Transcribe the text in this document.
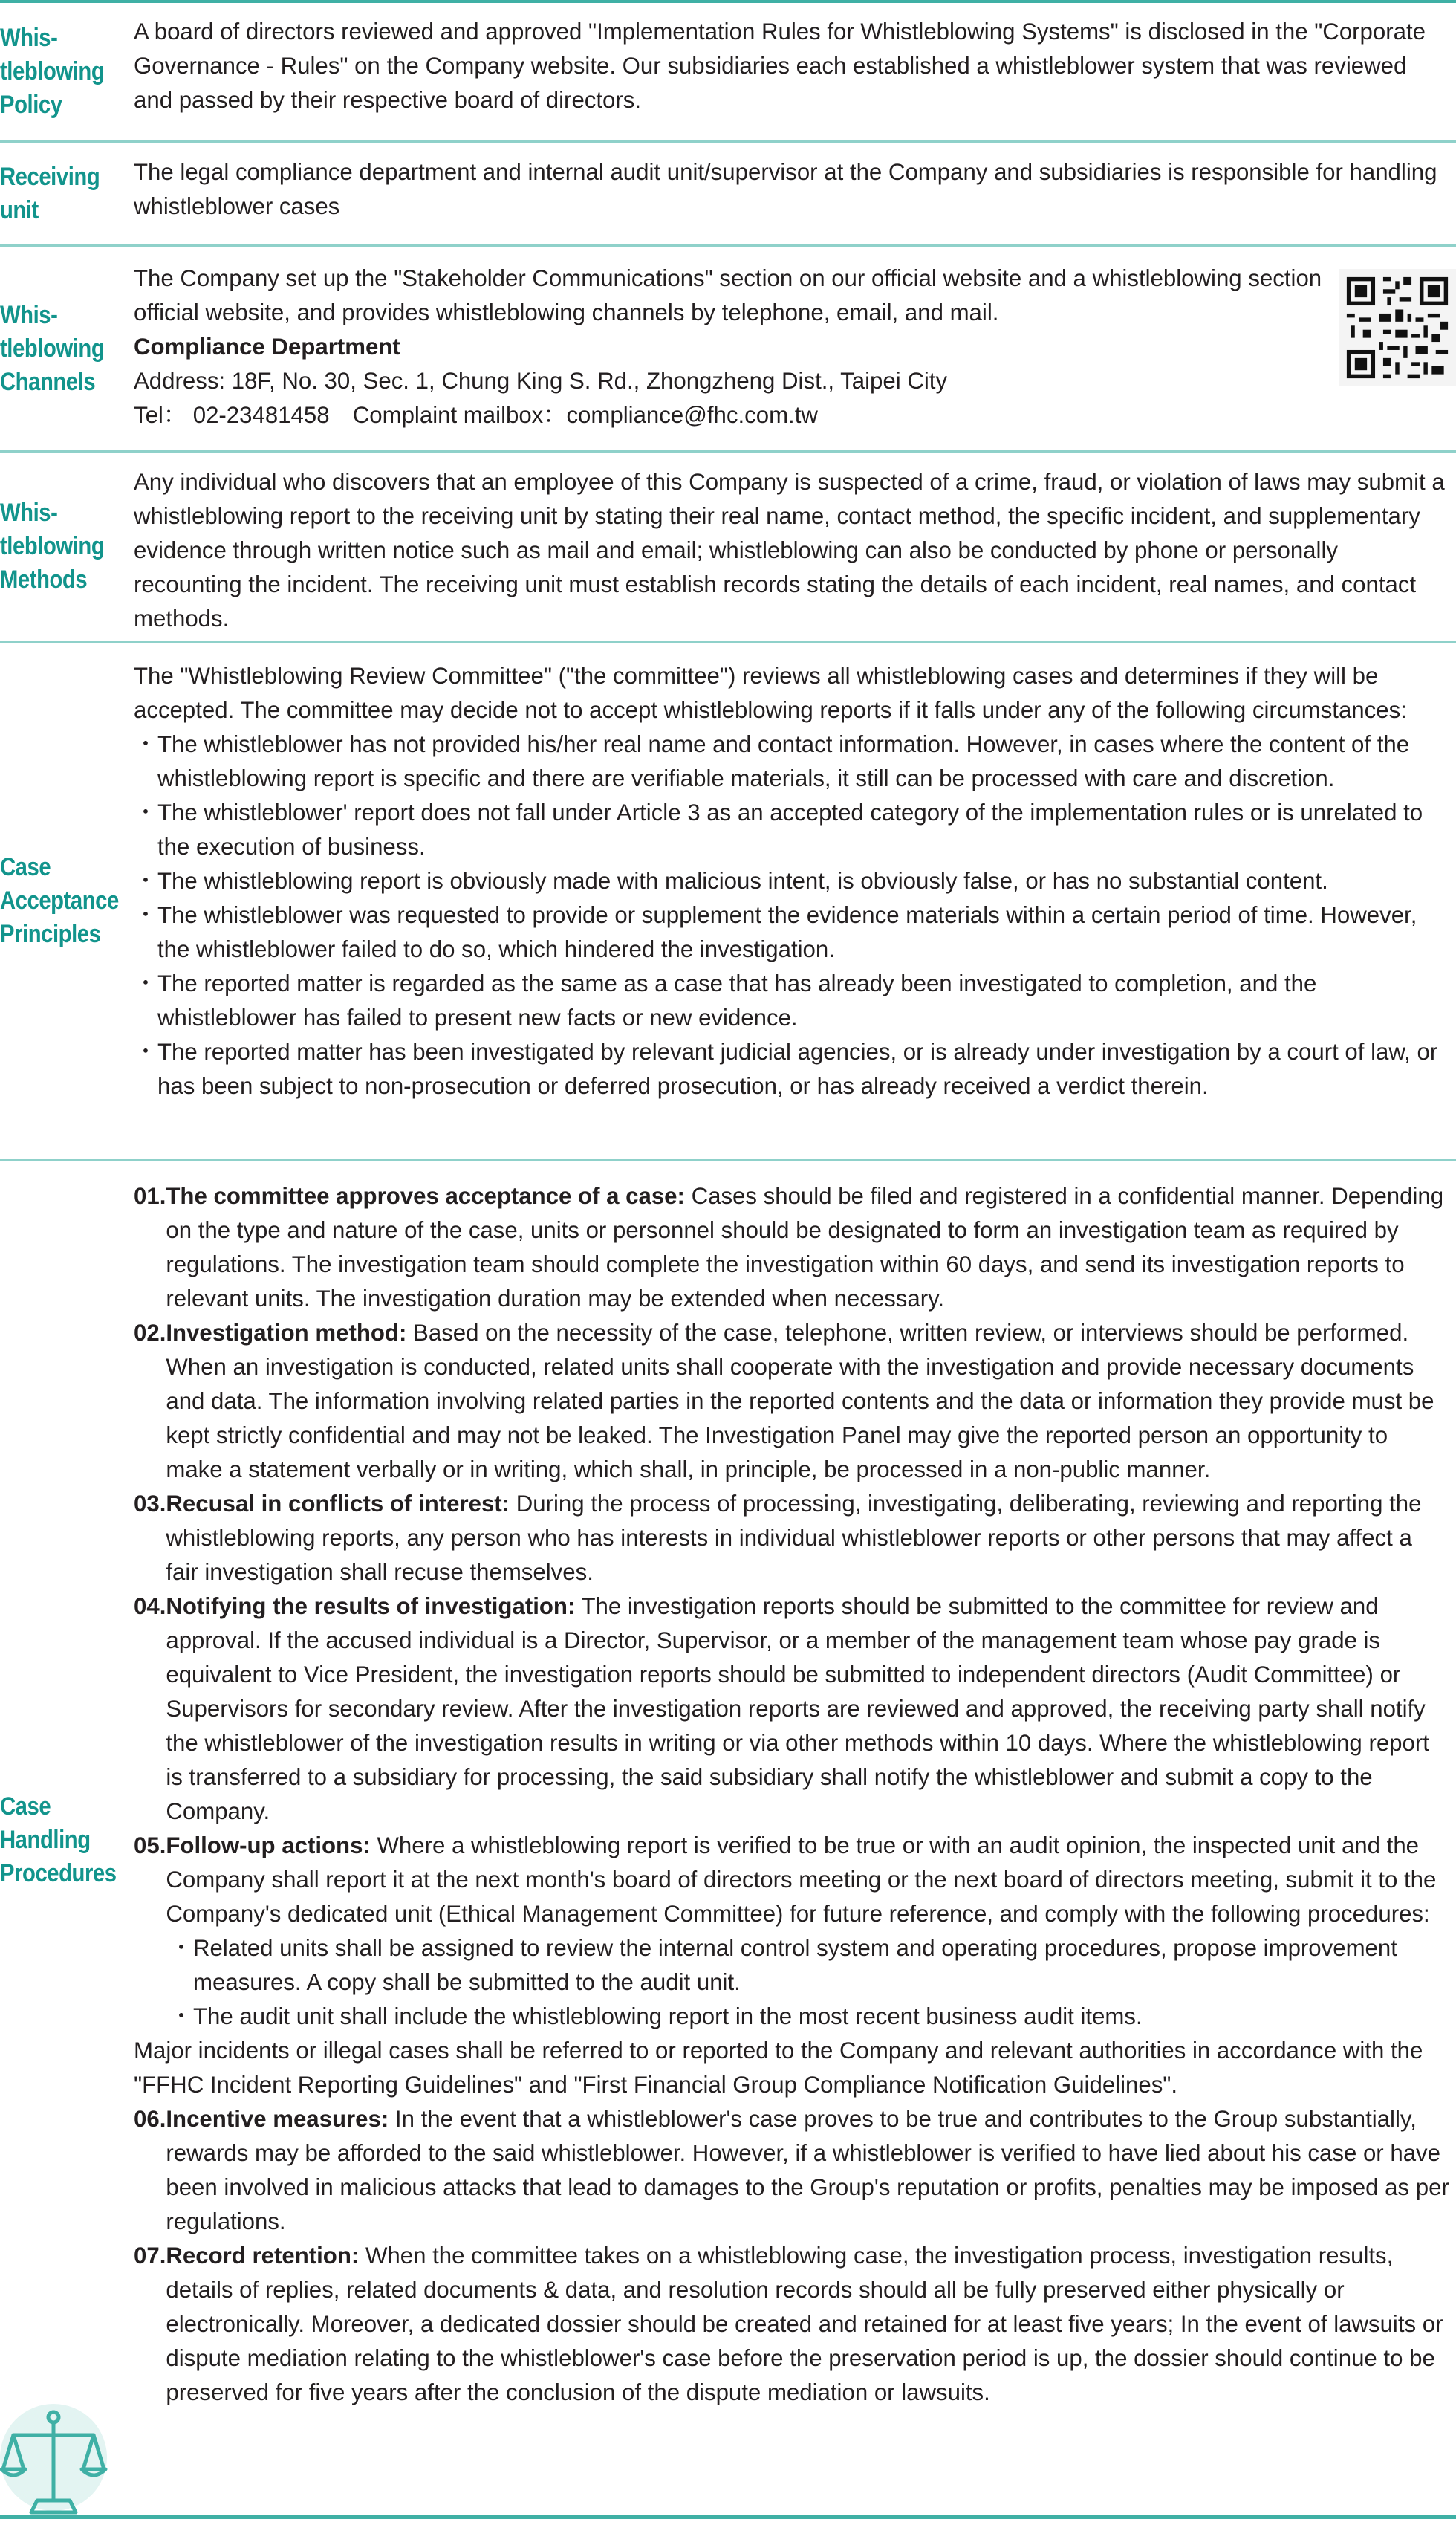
Whis-
tleblowing
Policy

A board of directors reviewed and approved "Implementation Rules for Whistleblowing Systems" is disclosed in the "Corporate Governance - Rules" on the Company website. Our subsidiaries each established a whistleblower system that was reviewed and passed by their respective board of directors.

Receiving
unit

The legal compliance department and internal audit unit/supervisor at the Company and subsidiaries is responsible for handling whistleblower cases

Whis-
tleblowing
Channels

The Company set up the "Stakeholder Communications" section on our official website and a whistleblowing section official website, and provides whistleblowing channels by telephone, email, and mail.

Compliance Department

Address: 18F, No. 30, Sec. 1, Chung King S. Rd., Zhongzheng Dist., Taipei City

Tel： 02-23481458　Complaint mailbox：compliance@fhc.com.tw

Whis-
tleblowing
Methods

Any individual who discovers that an employee of this Company is suspected of a crime, fraud, or violation of laws may submit a whistleblowing report to the receiving unit by stating their real name, contact method, the specific incident, and supplementary evidence through written notice such as mail and email; whistleblowing can also be conducted by phone or personally recounting the incident. The receiving unit must establish records stating the details of each incident, real names, and contact methods.

Case
Acceptance
Principles

The "Whistleblowing Review Committee" ("the committee") reviews all whistleblowing cases and determines if they will be accepted. The committee may decide not to accept whistleblowing reports if it falls under any of the following circumstances:

・ The whistleblower has not provided his/her real name and contact information. However, in cases where the content of the whistleblowing report is specific and there are verifiable materials, it still can be processed with care and discretion.
・ The whistleblower' report does not fall under Article 3 as an accepted category of the implementation rules or is unrelated to the execution of business.
・ The whistleblowing report is obviously made with malicious intent, is obviously false, or has no substantial content.
・ The whistleblower was requested to provide or supplement the evidence materials within a certain period of time. However, the whistleblower failed to do so, which hindered the investigation.
・ The reported matter is regarded as the same as a case that has already been investigated to completion, and the whistleblower has failed to present new facts or new evidence.
・ The reported matter has been investigated by relevant judicial agencies, or is already under investigation by a court of law, or has been subject to non-prosecution or deferred prosecution, or has already received a verdict therein.
Case
Handling
Procedures
01. The committee approves acceptance of a case: Cases should be filed and registered in a confidential manner. Depending on the type and nature of the case, units or personnel should be designated to form an investigation team as required by regulations. The investigation team should complete the investigation within 60 days, and send its investigation reports to relevant units. The investigation duration may be extended when necessary.
02. Investigation method: Based on the necessity of the case, telephone, written review, or interviews should be performed. When an investigation is conducted, related units shall cooperate with the investigation and provide necessary documents and data. The information involving related parties in the reported contents and the data or information they provide must be kept strictly confidential and may not be leaked. The Investigation Panel may give the reported person an opportunity to make a statement verbally or in writing, which shall, in principle, be processed in a non-public manner.
03. Recusal in conflicts of interest: During the process of processing, investigating, deliberating, reviewing and reporting the whistleblowing reports, any person who has interests in individual whistleblower reports or other persons that may affect a fair investigation shall recuse themselves.
04. Notifying the results of investigation: The investigation reports should be submitted to the committee for review and approval. If the accused individual is a Director, Supervisor, or a member of the management team whose pay grade is equivalent to Vice President, the investigation reports should be submitted to independent directors (Audit Committee) or Supervisors for secondary review. After the investigation reports are reviewed and approved, the receiving party shall notify the whistleblower of the investigation results in writing or via other methods within 10 days. Where the whistleblowing report is transferred to a subsidiary for processing, the said subsidiary shall notify the whistleblower and submit a copy to the Company.
05. Follow-up actions: Where a whistleblowing report is verified to be true or with an audit opinion, the inspected unit and the Company shall report it at the next month's board of directors meeting or the next board of directors meeting, submit it to the Company's dedicated unit (Ethical Management Committee) for future reference, and comply with the following procedures:
・ Related units shall be assigned to review the internal control system and operating procedures, propose improvement measures. A copy shall be submitted to the audit unit.
・ The audit unit shall include the whistleblowing report in the most recent business audit items.

Major incidents or illegal cases shall be referred to or reported to the Company and relevant authorities in accordance with the "FFHC Incident Reporting Guidelines" and "First Financial Group Compliance Notification Guidelines".

06. Incentive measures: In the event that a whistleblower's case proves to be true and contributes to the Group substantially, rewards may be afforded to the said whistleblower. However, if a whistleblower is verified to have lied about his case or have been involved in malicious attacks that lead to damages to the Group's reputation or profits, penalties may be imposed as per regulations.
07. Record retention: When the committee takes on a whistleblowing case, the investigation process, investigation results, details of replies, related documents & data, and resolution records should all be fully preserved either physically or electronically. Moreover, a dedicated dossier should be created and retained for at least five years; In the event of lawsuits or dispute mediation relating to the whistleblower's case before the preservation period is up, the dossier should continue to be preserved for five years after the conclusion of the dispute mediation or lawsuits.
